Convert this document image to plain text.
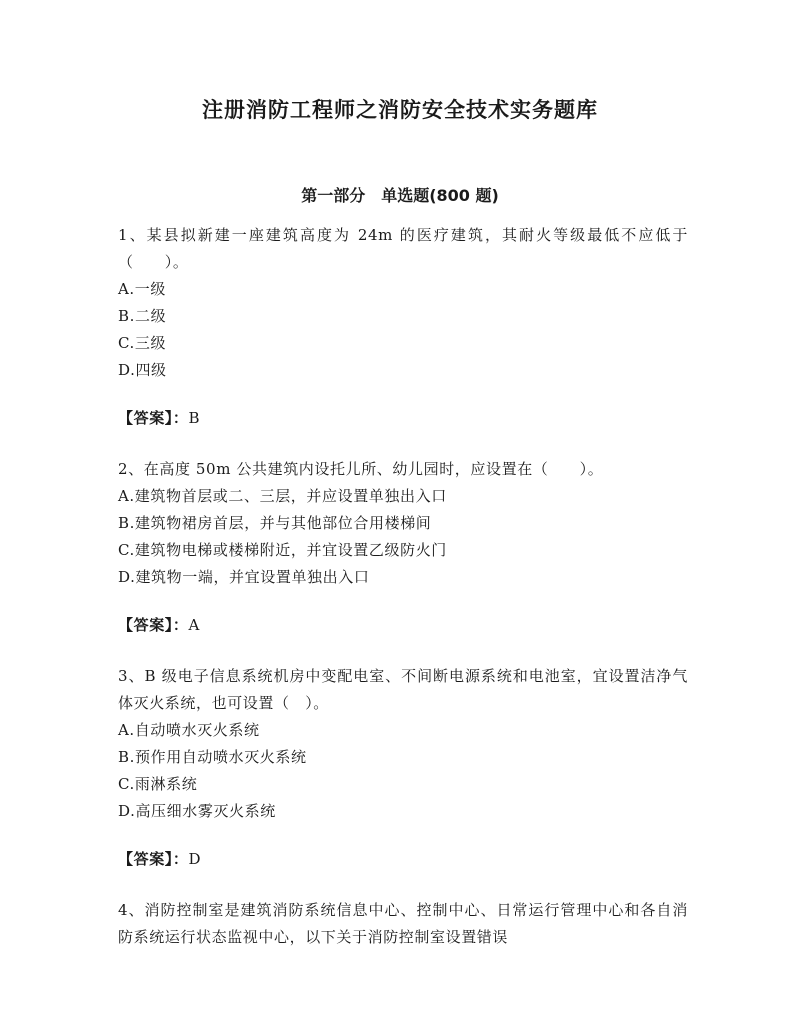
注册消防工程师之消防安全技术实务题库
第一部分　单选题(800 题)

1、某县拟新建一座建筑高度为 24m 的医疗建筑，其耐火等级最低不应低于（　　）。

A.一级

B.二级

C.三级

D.四级

【答案】：B

2、在高度 50m 公共建筑内设托儿所、幼儿园时，应设置在（　　）。

A.建筑物首层或二、三层，并应设置单独出入口

B.建筑物裙房首层，并与其他部位合用楼梯间

C.建筑物电梯或楼梯附近，并宜设置乙级防火门

D.建筑物一端，并宜设置单独出入口

【答案】：A

3、B 级电子信息系统机房中变配电室、不间断电源系统和电池室，宜设置洁净气体灭火系统，也可设置（　）。

A.自动喷水灭火系统

B.预作用自动喷水灭火系统

C.雨淋系统

D.高压细水雾灭火系统

【答案】：D

4、消防控制室是建筑消防系统信息中心、控制中心、日常运行管理中心和各自消防系统运行状态监视中心，以下关于消防控制室设置错误
